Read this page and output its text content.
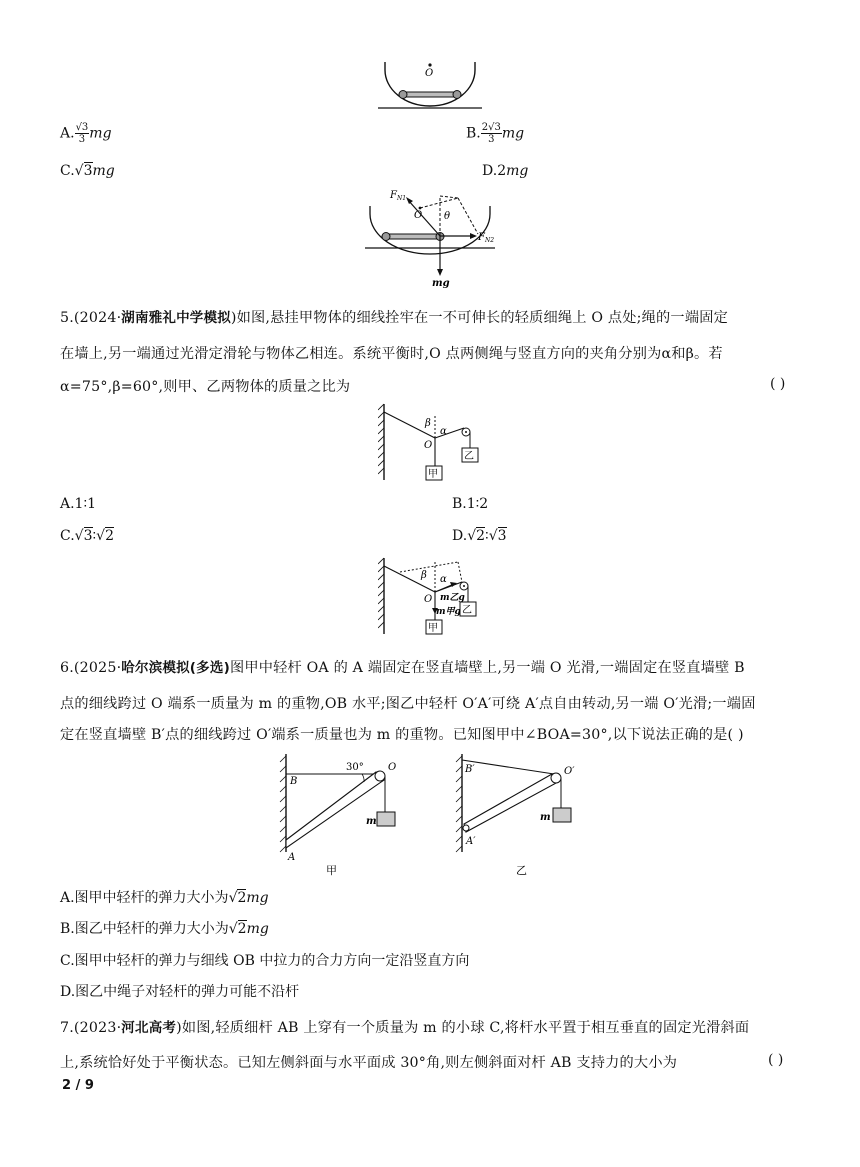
O
A. $\frac{√3}{3}$ mg	B. $\frac{2√3}{3}$ mg
C.√3mg	D.2mg
$F_{N1}$
O θ
$F_{N2}$
mg
5.(2024·湖南雅礼中学模拟)如图,悬挂甲物体的细线拴牢在一不可伸长的轻质细绳上 O 点处;绳的一端固定
在墙上,另一端通过光滑定滑轮与物体乙相连。系统平衡时,O 点两侧绳与竖直方向的夹角分别为α和β。若
α=75°,β=60°,则甲、乙两物体的质量之比为	( )
β
α
O
甲
乙
A.1∶1	B.1∶2
C.√3∶√2	D.√2∶√3
β α
O m乙g
m甲g
甲
乙
6.(2025·哈尔滨模拟(多选)图甲中轻杆 OA 的 A 端固定在竖直墙壁上,另一端 O 光滑,一端固定在竖直墙壁 B
点的细线跨过 O 端系一质量为 m 的重物,OB 水平;图乙中轻杆 O′A′可绕 A′点自由转动,另一端 O′光滑;一端固
定在竖直墙壁 B′点的细线跨过 O′端系一质量也为 m 的重物。已知图甲中∠BOA=30°,以下说法正确的是( )
B
30° O
m
A
甲
B′	O′
m
A′
乙
A.图甲中轻杆的弹力大小为√2mg
B.图乙中轻杆的弹力大小为√2mg
C.图甲中轻杆的弹力与细线 OB 中拉力的合力方向一定沿竖直方向
D.图乙中绳子对轻杆的弹力可能不沿杆
7.(2023·河北高考)如图,轻质细杆 AB 上穿有一个质量为 m 的小球 C,将杆水平置于相互垂直的固定光滑斜面
上,系统恰好处于平衡状态。已知左侧斜面与水平面成 30°角,则左侧斜面对杆 AB 支持力的大小为	( )
2 / 9
